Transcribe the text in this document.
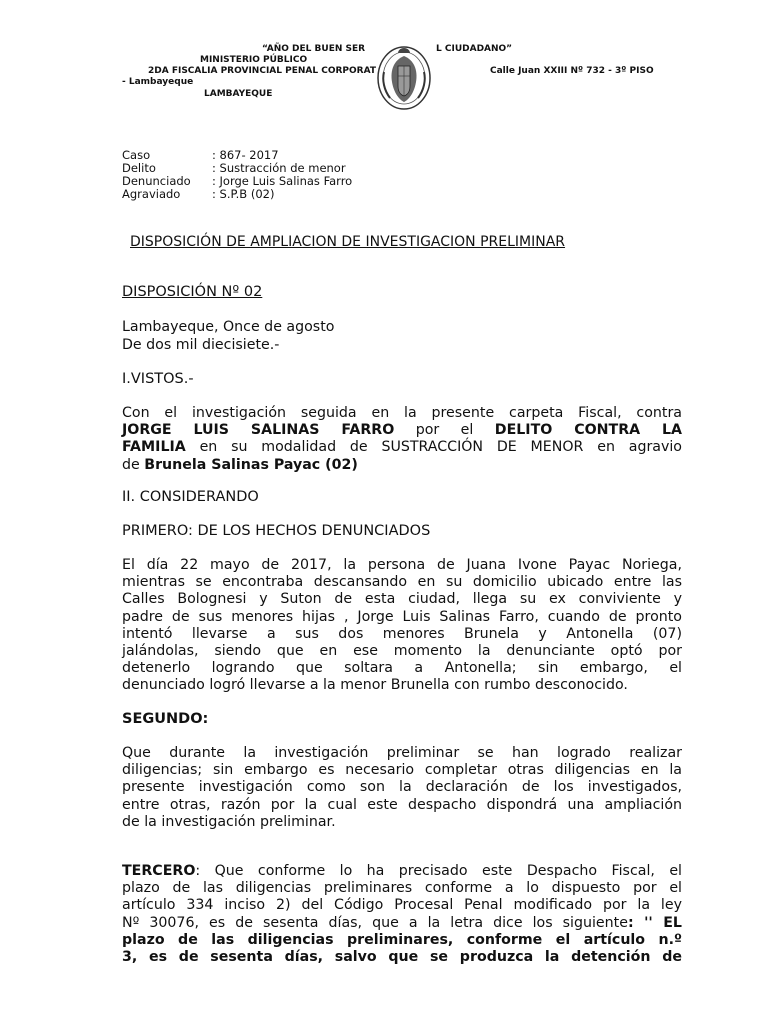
“AÑO DEL BUEN SER	L CIUDADANO”
MINISTERIO PÚBLICO
2DA FISCALIA PROVINCIAL PENAL CORPORAT	Calle Juan XXIII Nº 732 - 3º PISO
- Lambayeque
LAMBAYEQUE
Caso	: 867- 2017
Delito	: Sustracción de menor
Denunciado : Jorge Luis Salinas Farro
Agraviado	: S.P.B (02)
DISPOSICIÓN DE AMPLIACION DE INVESTIGACION PRELIMINAR
DISPOSICIÓN Nº 02
Lambayeque, Once de agosto
De dos mil diecisiete.-
I.VISTOS.-
Con el investigación seguida en la presente carpeta Fiscal, contra
JORGE LUIS SALINAS FARRO por el DELITO CONTRA LA
FAMILIA en su modalidad de SUSTRACCIÓN DE MENOR en agravio
de Brunela Salinas Payac (02)
II. CONSIDERANDO
PRIMERO: DE LOS HECHOS DENUNCIADOS
El día 22 mayo de 2017, la persona de Juana Ivone Payac Noriega,
mientras se encontraba descansando en su domicilio ubicado entre las
Calles Bolognesi y Suton de esta ciudad, llega su ex conviviente y
padre de sus menores hijas , Jorge Luis Salinas Farro, cuando de pronto
intentó llevarse a sus dos menores Brunela y Antonella (07)
jalándolas, siendo que en ese momento la denunciante optó por
detenerlo logrando que soltara a Antonella; sin embargo, el
denunciado logró llevarse a la menor Brunella con rumbo desconocido.
SEGUNDO:
Que durante la investigación preliminar se han logrado realizar
diligencias; sin embargo es necesario completar otras diligencias en la
presente investigación como son la declaración de los investigados,
entre otras, razón por la cual este despacho dispondrá una ampliación
de la investigación preliminar.
TERCERO: Que conforme lo ha precisado este Despacho Fiscal, el
plazo de las diligencias preliminares conforme a lo dispuesto por el
artículo 334 inciso 2) del Código Procesal Penal modificado por la ley
Nº 30076, es de sesenta días, que a la letra dice los siguiente: '' EL
plazo de las diligencias preliminares, conforme el artículo n.º
3, es de sesenta días, salvo que se produzca la detención de
